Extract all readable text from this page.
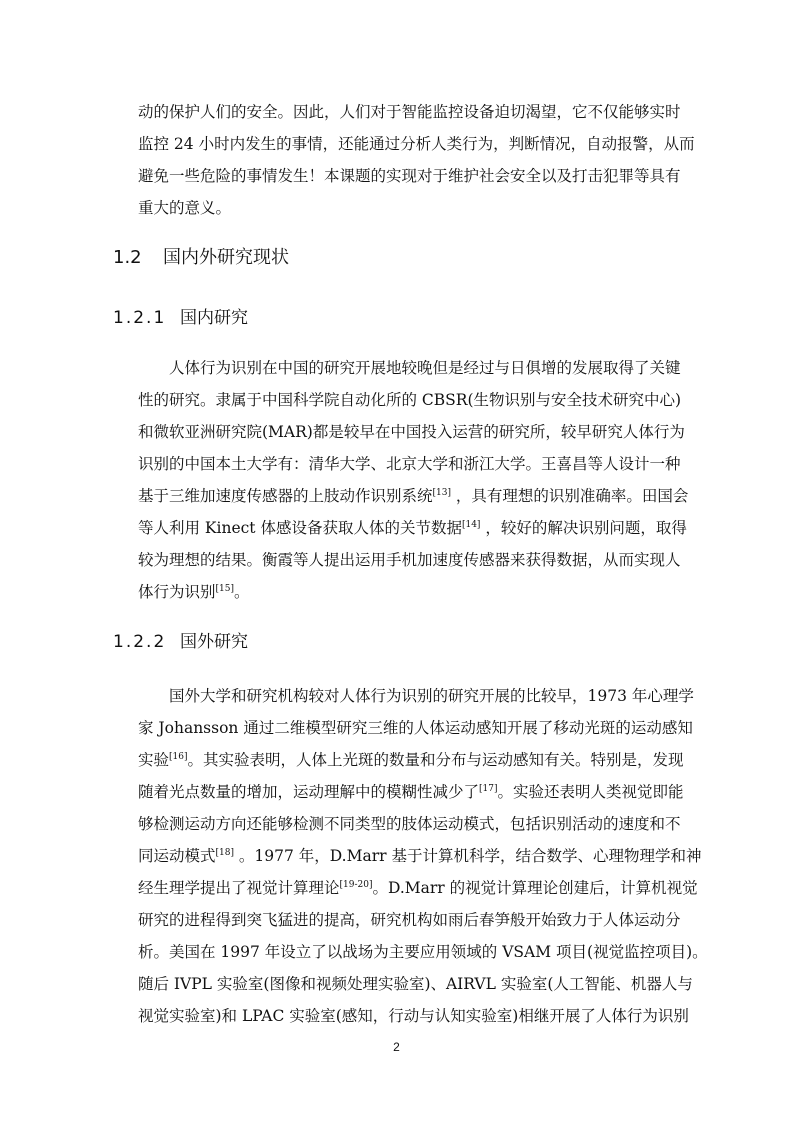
动的保护人们的安全。因此，人们对于智能监控设备迫切渴望，它不仅能够实时
监控 24 小时内发生的事情，还能通过分析人类行为，判断情况，自动报警，从而
避免一些危险的事情发生！本课题的实现对于维护社会安全以及打击犯罪等具有
重大的意义。
1.2 国内外研究现状
1.2.1 国内研究
人体行为识别在中国的研究开展地较晚但是经过与日俱增的发展取得了关键
性的研究。隶属于中国科学院自动化所的 CBSR(生物识别与安全技术研究中心)
和微软亚洲研究院(MAR)都是较早在中国投入运营的研究所，较早研究人体行为
识别的中国本土大学有：清华大学、北京大学和浙江大学。王喜昌等人设计一种
基于三维加速度传感器的上肢动作识别系统[13] ，具有理想的识别准确率。田国会
等人利用 Kinect 体感设备获取人体的关节数据[14] ，较好的解决识别问题，取得
较为理想的结果。衡霞等人提出运用手机加速度传感器来获得数据，从而实现人
体行为识别[15]。
1.2.2 国外研究
国外大学和研究机构较对人体行为识别的研究开展的比较早，1973 年心理学
家 Johansson 通过二维模型研究三维的人体运动感知开展了移动光斑的运动感知
实验[16]。其实验表明，人体上光斑的数量和分布与运动感知有关。特别是，发现
随着光点数量的增加，运动理解中的模糊性减少了[17]。实验还表明人类视觉即能
够检测运动方向还能够检测不同类型的肢体运动模式，包括识别活动的速度和不
同运动模式[18] 。1977 年，D.Marr 基于计算机科学，结合数学、心理物理学和神
经生理学提出了视觉计算理论[19-20]。D.Marr 的视觉计算理论创建后，计算机视觉
研究的进程得到突飞猛进的提高，研究机构如雨后春笋般开始致力于人体运动分
析。美国在 1997 年设立了以战场为主要应用领域的 VSAM 项目(视觉监控项目)。
随后 IVPL 实验室(图像和视频处理实验室)、AIRVL 实验室(人工智能、机器人与
视觉实验室)和 LPAC 实验室(感知，行动与认知实验室)相继开展了人体行为识别
2
